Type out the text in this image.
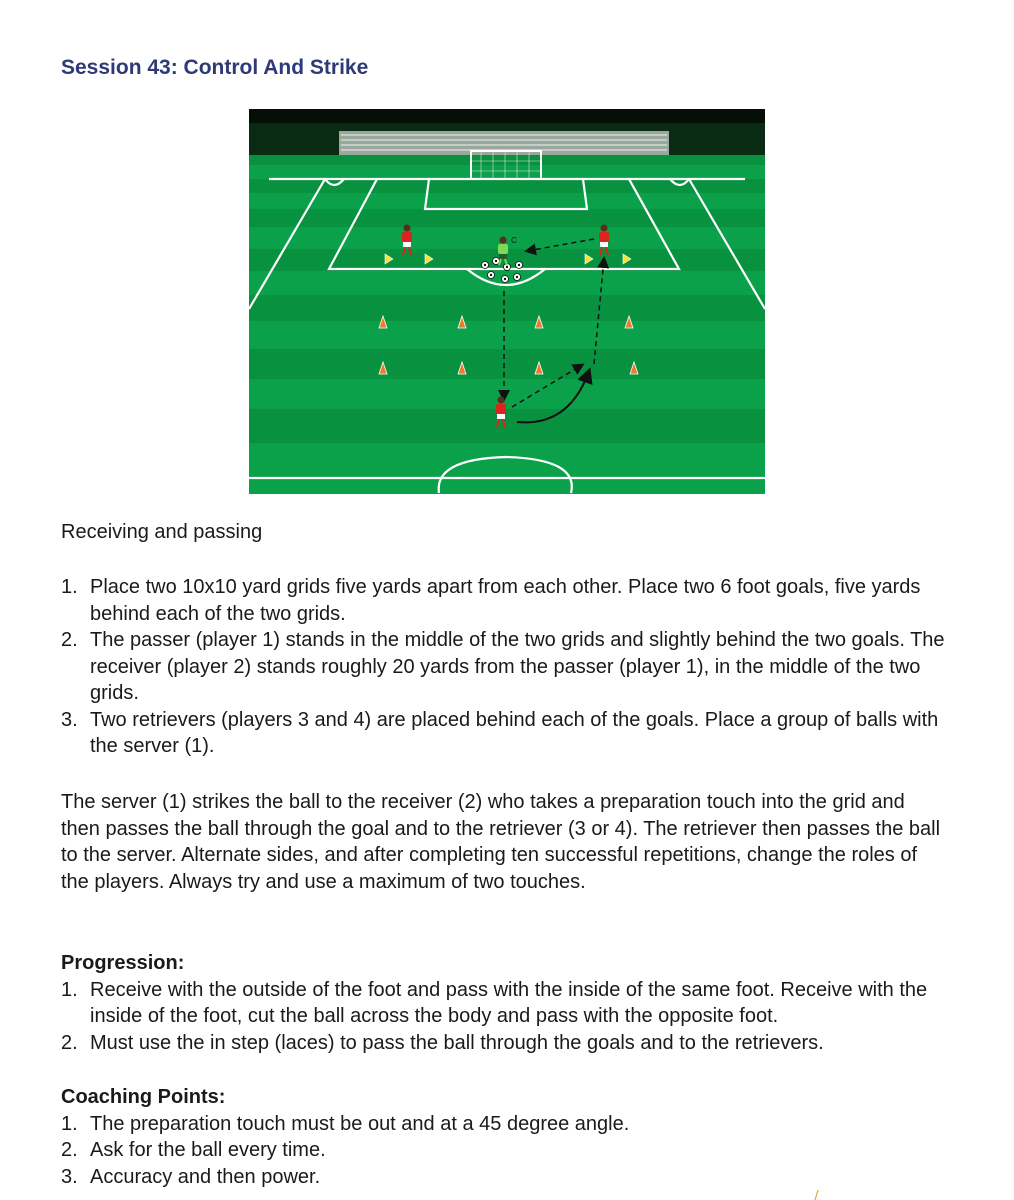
Session 43: Control And Strike
C

Receiving and passing

1. Place two 10x10 yard grids five yards apart from each other. Place two 6 foot goals, five yards behind each of the two grids.
2. The passer (player 1) stands in the middle of the two grids and slightly behind the two goals. The receiver (player 2) stands roughly 20 yards from the passer (player 1), in the middle of the two grids.
3. Two retrievers (players 3 and 4) are placed behind each of the goals. Place a group of balls with the server (1).

The server (1) strikes the ball to the receiver (2) who takes a preparation touch into the grid and then passes the ball through the goal and to the retriever (3 or 4). The retriever then passes the ball to the server. Alternate sides, and after completing ten successful repetitions, change the roles of the players. Always try and use a maximum of two touches.

Progression:
1. Receive with the outside of the foot and pass with the inside of the same foot. Receive with the inside of the foot, cut the ball across the body and pass with the opposite foot.
2. Must use the in step (laces) to pass the ball through the goals and to the retrievers.
Coaching Points:
1. The preparation touch must be out and at a 45 degree angle.
2. Ask for the ball every time.
3. Accuracy and then power.
